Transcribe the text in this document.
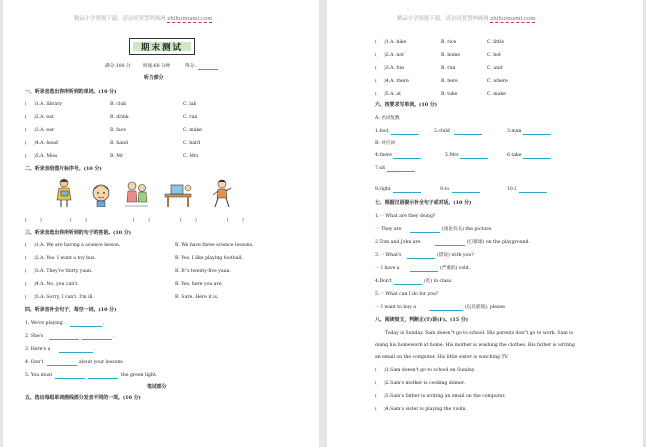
精品小学资源下载，请访问智慧妈咪网 zhihuimami.com
期末测试
满分:100 分	时间:60 分钟	得分:
听力部分
一、听录音选出你所听到的单词。(10 分)
( )1.A. library	B. club	C. lab
( )2.A. eat	B. drink	C. run
( )3.A. ear	B. face	C. make
( )4.A. head	B. hand	C. hard
( )5.A. Miss	B. Mr	C. Mrs
二、听录音给图片标序号。(10 分)
(	)	(	)	(	)	(	)	(	)
三、听录音选出你所听到的句子的答语。(10 分)
( )1.A. We are having a science lesson.	B. We have three science lessons.
( )2.A. Yes. I want a toy bus.	B. Yes. I like playing football.
( )3.A. They're thirty yuan.	B. It"s twenty-five yuan.
( )4.A. No, you can't.	B. Yes, here you are.
( )5.A. Sorry, I can't. I'm ill.	B. Sure. Here it is.
四、听录音补全句子，每空一词。(10 分)
1. We're playing	.
2. She's	.
3. Here's a	.
4. Don't	about your lessons.
5. You must	the green light.
笔试部分
五、选出每组单词画线部分发音不同的一项。(10 分)
精品小学资源下载，请访问智慧妈咪网 zhihuimami.com
( )1.A. bike	B. rice	C. little
( )2.A. not	B. home	C. hot
( )3.A. fun	B. run	C. unit
( )4.A. there	B. here	C. where
( )5.A. at	B. take	C. make
六、按要求写单词。(10 分)
A. 名词复数
1.foot	2.child	3.man
B. 对应词
4.there	5.Mrs	6.take
7.sit
8.right	9.to	10.I
七、根据汉语提示补全句子或对话。(10 分)
1.一 What are they doing?
一 They are	(谈论有关) the picture.
2.Tom and John are	(打排球) on the playground.
3.一 What's	(错误) with you?
一 I have a	(严重的) cold.
4.Don't	(吃) in class.
5.一 What can I do for you?
一 I want to buy a	(玩具轮船), please.
八、阅读短文，判断正(T)误(F)。(15 分)
Today is Sunday. Sam doesn"t go to school. His parents don"t go to work. Sam is
doing his homework at home. His mother is washing the clothes. His father is writing
an email on the computer. His little sister is watching TV.
( )1.Sam doesn't go to school on Sunday.
( )2.Sam's mother is cooking dinner.
( )3.Sam's father is writing an email on the computer.
( )4.Sam's sister is playing the violin.
